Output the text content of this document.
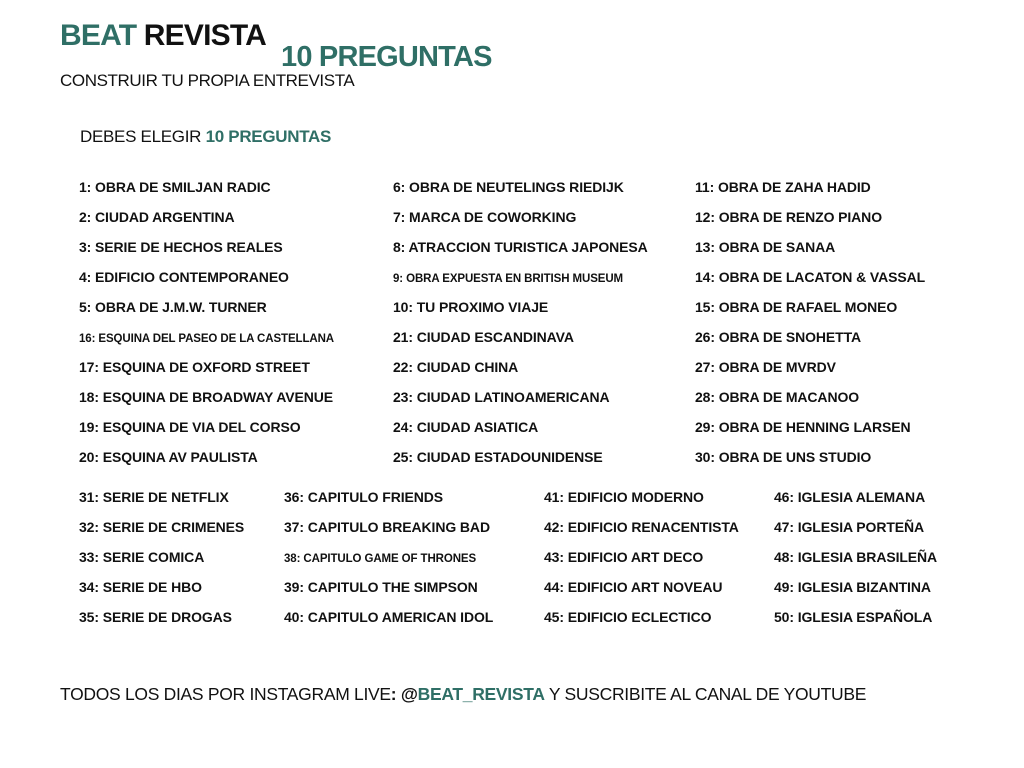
BEAT REVISTA
10 PREGUNTAS
CONSTRUIR TU PROPIA ENTREVISTA
DEBES ELEGIR 10 PREGUNTAS
1: OBRA DE SMILJAN RADIC
2: CIUDAD ARGENTINA
3: SERIE DE HECHOS REALES
4: EDIFICIO CONTEMPORANEO
5: OBRA DE J.M.W. TURNER
6: OBRA DE NEUTELINGS RIEDIJK
7: MARCA DE COWORKING
8: ATRACCION TURISTICA JAPONESA
9: OBRA EXPUESTA EN BRITISH MUSEUM
10: TU PROXIMO VIAJE
11: OBRA DE ZAHA HADID
12: OBRA DE RENZO PIANO
13: OBRA DE SANAA
14: OBRA DE LACATON & VASSAL
15: OBRA DE RAFAEL MONEO
16: ESQUINA DEL PASEO DE LA CASTELLANA
17: ESQUINA DE OXFORD STREET
18: ESQUINA DE BROADWAY AVENUE
19: ESQUINA DE VIA DEL CORSO
20: ESQUINA AV PAULISTA
21: CIUDAD ESCANDINAVA
22: CIUDAD CHINA
23: CIUDAD LATINOAMERICANA
24: CIUDAD ASIATICA
25: CIUDAD ESTADOUNIDENSE
26: OBRA DE SNOHETTA
27: OBRA DE MVRDV
28: OBRA DE MACANOO
29: OBRA DE HENNING LARSEN
30: OBRA DE UNS STUDIO
31: SERIE DE NETFLIX
32: SERIE DE CRIMENES
33: SERIE COMICA
34: SERIE DE HBO
35: SERIE DE DROGAS
36: CAPITULO FRIENDS
37: CAPITULO BREAKING BAD
38: CAPITULO GAME OF THRONES
39: CAPITULO THE SIMPSON
40: CAPITULO AMERICAN IDOL
41: EDIFICIO MODERNO
42: EDIFICIO RENACENTISTA
43: EDIFICIO ART DECO
44: EDIFICIO ART NOVEAU
45: EDIFICIO ECLECTICO
46: IGLESIA ALEMANA
47: IGLESIA PORTEÑA
48: IGLESIA BRASILEÑA
49: IGLESIA BIZANTINA
50: IGLESIA ESPAÑOLA
TODOS LOS DIAS POR INSTAGRAM LIVE: @BEAT_REVISTA Y SUSCRIBITE AL CANAL DE YOUTUBE
